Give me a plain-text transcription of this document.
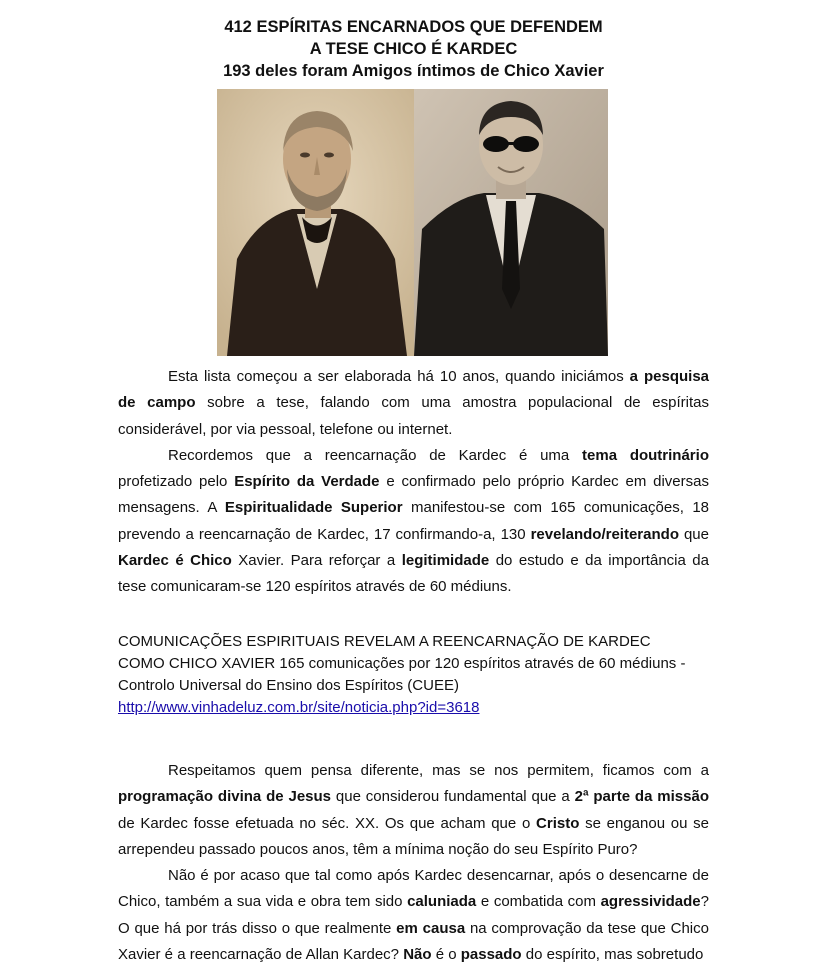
412 ESPÍRITAS ENCARNADOS QUE DEFENDEM
A TESE CHICO É KARDEC
193 deles foram Amigos íntimos de Chico Xavier

Esta lista começou a ser elaborada há 10 anos, quando iniciámos a pesquisa de campo sobre a tese, falando com uma amostra populacional de espíritas considerável, por via pessoal, telefone ou internet.

Recordemos que a reencarnação de Kardec é uma tema doutrinário profetizado pelo Espírito da Verdade e confirmado pelo próprio Kardec em diversas mensagens. A Espiritualidade Superior manifestou-se com 165 comunicações, 18 prevendo a reencarnação de Kardec, 17 confirmando-a, 130 revelando/reiterando que Kardec é Chico Xavier. Para reforçar a legitimidade do estudo e da importância da tese comunicaram-se 120 espíritos através de 60 médiuns.

COMUNICAÇÕES ESPIRITUAIS REVELAM A REENCARNAÇÃO DE KARDEC
COMO CHICO XAVIER 165 comunicações por 120 espíritos através de 60 médiuns -
Controlo Universal do Ensino dos Espíritos (CUEE)
http://www.vinhadeluz.com.br/site/noticia.php?id=3618

Respeitamos quem pensa diferente, mas se nos permitem, ficamos com a programação divina de Jesus que considerou fundamental que a 2ª parte da missão de Kardec fosse efetuada no séc. XX. Os que acham que o Cristo se enganou ou se arrependeu passado poucos anos, têm a mínima noção do seu Espírito Puro?

Não é por acaso que tal como após Kardec desencarnar, após o desencarne de Chico, também a sua vida e obra tem sido caluniada e combatida com agressividade? O que há por trás disso o que realmente em causa na comprovação da tese que Chico Xavier é a reencarnação de Allan Kardec? Não é o passado do espírito, mas sobretudo
